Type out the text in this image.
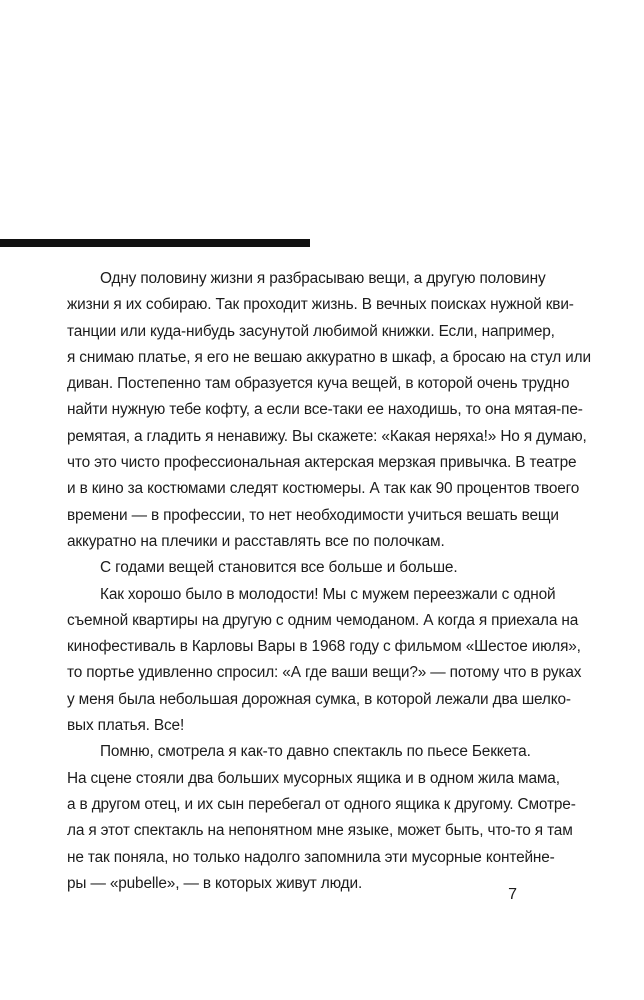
Одну половину жизни я разбрасываю вещи, а другую половину
жизни я их собираю. Так проходит жизнь. В вечных поисках нужной кви-
танции или куда-нибудь засунутой любимой книжки. Если, например,
я снимаю платье, я его не вешаю аккуратно в шкаф, а бросаю на стул или
диван. Постепенно там образуется куча вещей, в которой очень трудно
найти нужную тебе кофту, а если все-таки ее находишь, то она мятая-пе-
ремятая, а гладить я ненавижу. Вы скажете: «Какая неряха!» Но я думаю,
что это чисто профессиональная актерская мерзкая привычка. В театре
и в кино за костюмами следят костюмеры. А так как 90 процентов твоего
времени — в профессии, то нет необходимости учиться вешать вещи
аккуратно на плечики и расставлять все по полочкам.

С годами вещей становится все больше и больше.

Как хорошо было в молодости! Мы с мужем переезжали с одной
съемной квартиры на другую с одним чемоданом. А когда я приехала на
кинофестиваль в Карловы Вары в 1968 году с фильмом «Шестое июля»,
то портье удивленно спросил: «А где ваши вещи?» — потому что в руках
у меня была небольшая дорожная сумка, в которой лежали два шелко-
вых платья. Все!

Помню, смотрела я как-то давно спектакль по пьесе Беккета.
На сцене стояли два больших мусорных ящика и в одном жила мама,
а в другом отец, и их сын перебегал от одного ящика к другому. Смотре-
ла я этот спектакль на непонятном мне языке, может быть, что-то я там
не так поняла, но только надолго запомнила эти мусорные контейне-
ры — «pubelle», — в которых живут люди.

7
